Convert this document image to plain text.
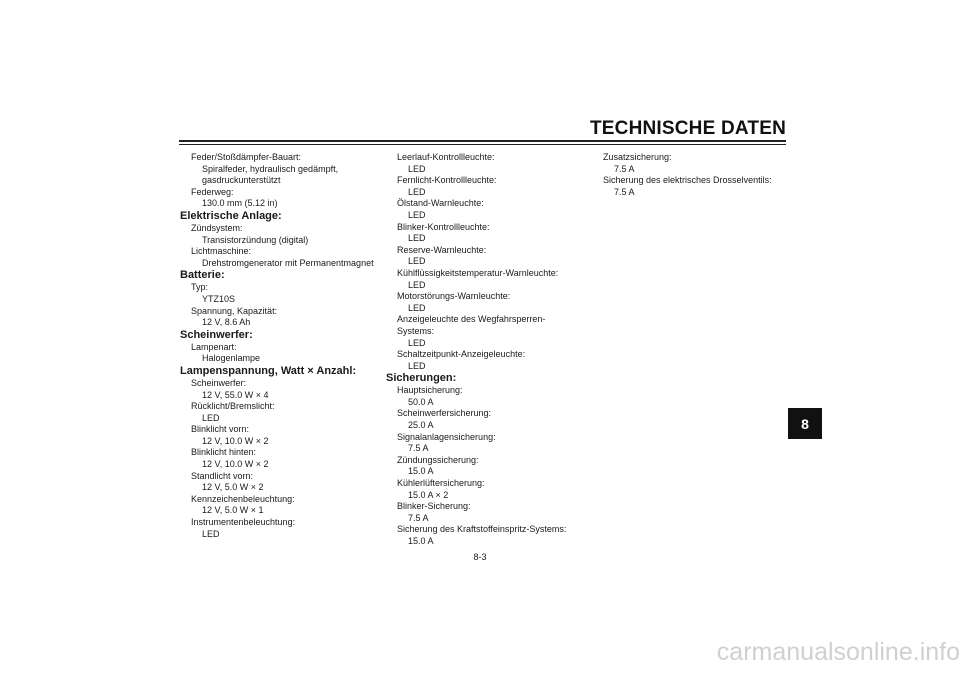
TECHNISCHE DATEN

Feder/Stoßdämpfer-Bauart:

Spiralfeder, hydraulisch gedämpft,

gasdruckunterstützt

Federweg:

130.0 mm (5.12 in)

Elektrische Anlage:

Zündsystem:

Transistorzündung (digital)

Lichtmaschine:

Drehstromgenerator mit Permanentmagnet

Batterie:

Typ:

YTZ10S

Spannung, Kapazität:

12 V, 8.6 Ah

Scheinwerfer:

Lampenart:

Halogenlampe

Lampenspannung, Watt × Anzahl:

Scheinwerfer:

12 V, 55.0 W × 4

Rücklicht/Bremslicht:

LED

Blinklicht vorn:

12 V, 10.0 W × 2

Blinklicht hinten:

12 V, 10.0 W × 2

Standlicht vorn:

12 V, 5.0 W × 2

Kennzeichenbeleuchtung:

12 V, 5.0 W × 1

Instrumentenbeleuchtung:

LED

Leerlauf-Kontrollleuchte:

LED

Fernlicht-Kontrollleuchte:

LED

Ölstand-Warnleuchte:

LED

Blinker-Kontrollleuchte:

LED

Reserve-Warnleuchte:

LED

Kühlflüssigkeitstemperatur-Warnleuchte:

LED

Motorstörungs-Warnleuchte:

LED

Anzeigeleuchte des Wegfahrsperren-

Systems:

LED

Schaltzeitpunkt-Anzeigeleuchte:

LED

Sicherungen:

Hauptsicherung:

50.0 A

Scheinwerfersicherung:

25.0 A

Signalanlagensicherung:

7.5 A

Zündungssicherung:

15.0 A

Kühlerlüftersicherung:

15.0 A × 2

Blinker-Sicherung:

7.5 A

Sicherung des Kraftstoffeinspritz-Systems:

15.0 A

Zusatzsicherung:

7.5 A

Sicherung des elektrisches Drosselventils:

7.5 A

8
8-3
carmanualsonline.info
